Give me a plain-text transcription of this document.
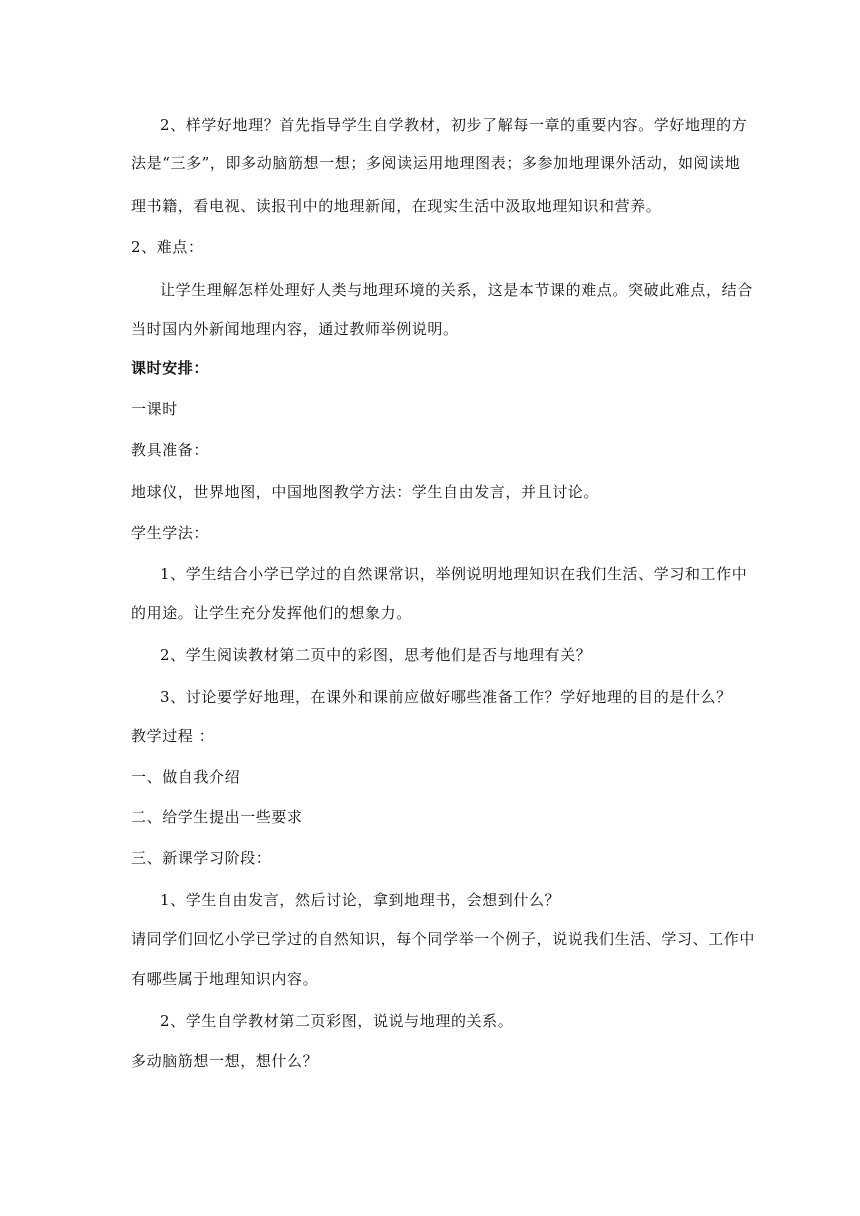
2、样学好地理？首先指导学生自学教材，初步了解每一章的重要内容。学好地理的方
法是“三多”，即多动脑筋想一想；多阅读运用地理图表；多参加地理课外活动，如阅读地
理书籍，看电视、读报刊中的地理新闻，在现实生活中汲取地理知识和营养。
2、难点：
让学生理解怎样处理好人类与地理环境的关系，这是本节课的难点。突破此难点，结合
当时国内外新闻地理内容，通过教师举例说明。
课时安排：
一课时
教具准备：
地球仪，世界地图，中国地图教学方法：学生自由发言，并且讨论。
学生学法：
1、学生结合小学已学过的自然课常识，举例说明地理知识在我们生活、学习和工作中
的用途。让学生充分发挥他们的想象力。
2、学生阅读教材第二页中的彩图，思考他们是否与地理有关？
3、讨论要学好地理，在课外和课前应做好哪些准备工作？学好地理的目的是什么？
教学过程 ：
一、做自我介绍
二、给学生提出一些要求
三、新课学习阶段：
1、学生自由发言，然后讨论，拿到地理书，会想到什么？
请同学们回忆小学已学过的自然知识，每个同学举一个例子，说说我们生活、学习、工作中
有哪些属于地理知识内容。
2、学生自学教材第二页彩图，说说与地理的关系。
多动脑筋想一想，想什么？
